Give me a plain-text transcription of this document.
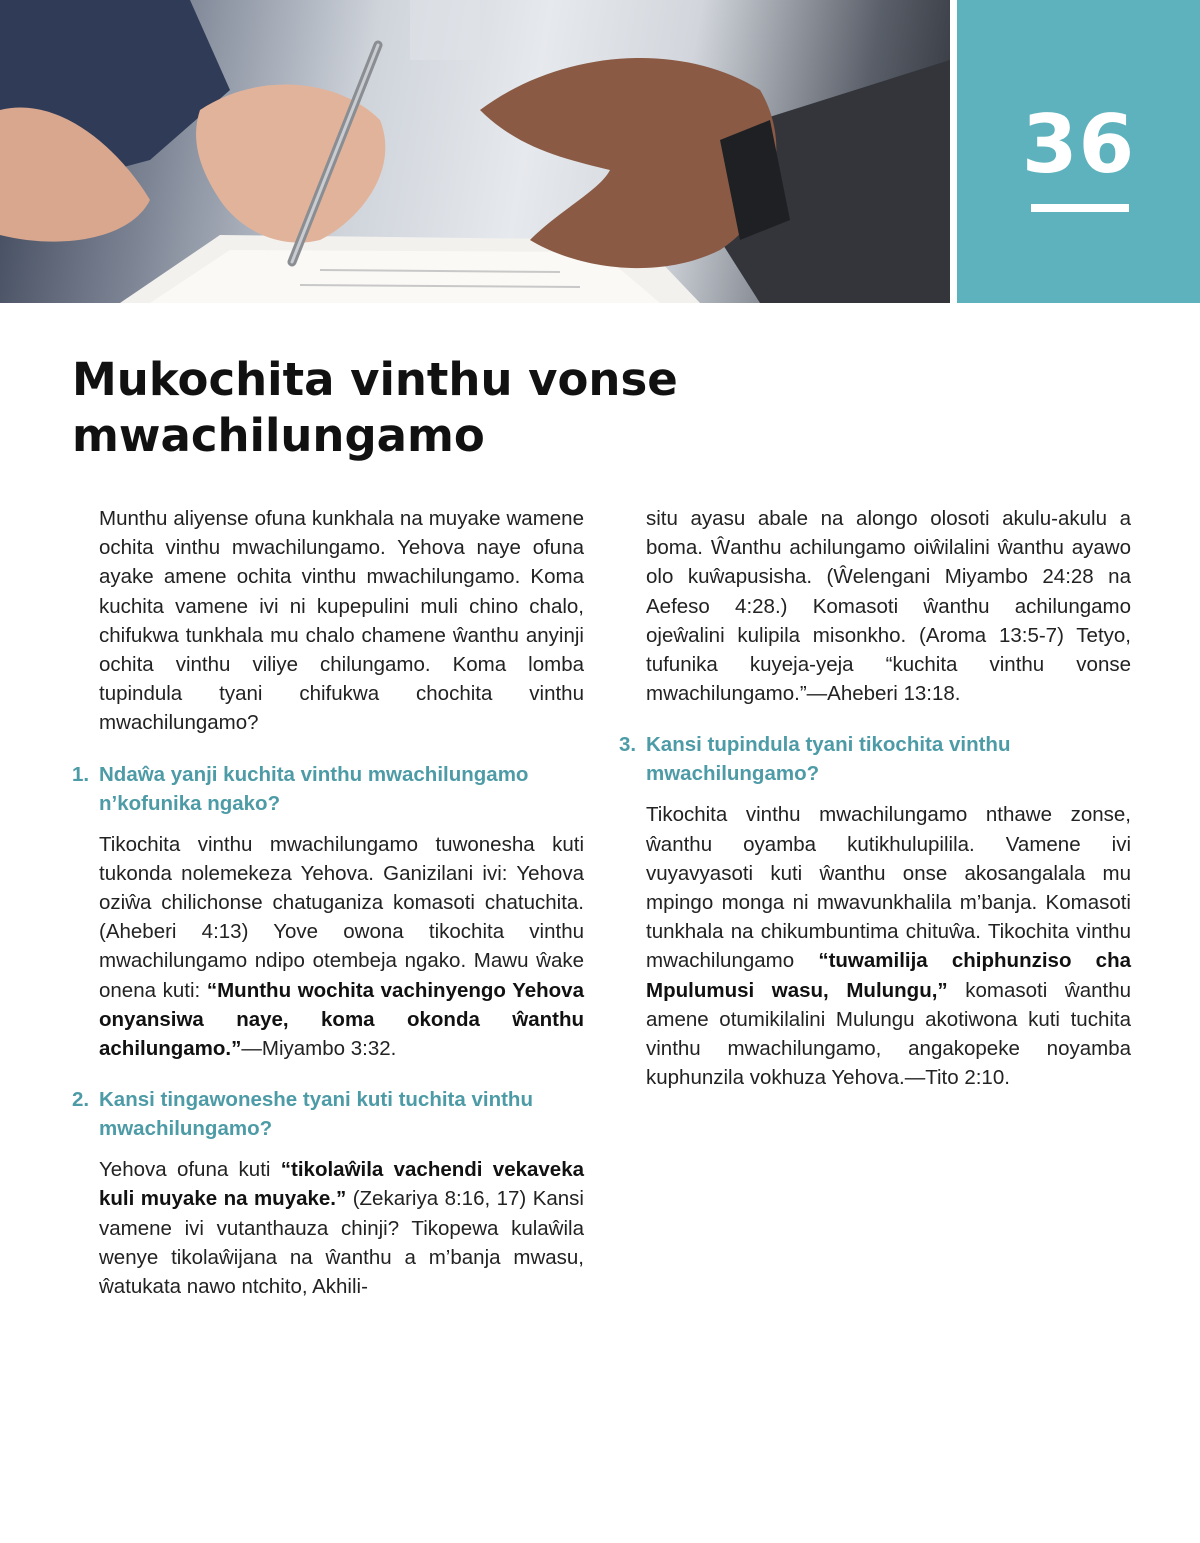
36
Mukochita vinthu vonse mwachilungamo

Munthu aliyense ofuna kunkhala na muyake wamene ochita vinthu mwachilungamo. Yehova naye ofuna ayake amene ochita vinthu mwachilungamo. Koma kuchita vamene ivi ni kupepulini muli chino chalo, chifukwa tunkhala mu chalo chamene ŵanthu anyinji ochita vinthu viliye chilungamo. Koma lomba tupindula tyani chifukwa chochita vinthu mwachilungamo?

1. Ndaŵa yanji kuchita vinthu mwachilungamo n’kofunika ngako?

Tikochita vinthu mwachilungamo tuwonesha kuti tukonda nolemekeza Yehova. Ganizilani ivi: Yehova oziŵa chilichonse chatuganiza komasoti chatuchita. (Aheberi 4:13) Yove owona tikochita vinthu mwachilungamo ndipo otembeja ngako. Mawu ŵake onena kuti: “Munthu wochita vachinyengo Yehova onyansiwa naye, koma okonda ŵanthu achilungamo.”—Miyambo 3:32.

2. Kansi tingawoneshe tyani kuti tuchita vinthu mwachilungamo?

Yehova ofuna kuti “tikolaŵila vachendi vekaveka kuli muyake na muyake.” (Zekariya 8:16, 17) Kansi vamene ivi vutanthauza chinji? Tikopewa kulaŵila wenye tikolaŵijana na ŵanthu a m’banja mwasu, ŵatukata nawo ntchito, Akhili-

situ ayasu abale na alongo olosoti akulu-akulu a boma. Ŵanthu achilungamo oiŵilalini ŵanthu ayawo olo kuŵapusisha. (Ŵelengani Miyambo 24:28 na Aefeso 4:28.) Komasoti ŵanthu achilungamo ojeŵalini kulipila misonkho. (Aroma 13:5-7) Tetyo, tufunika kuyeja-yeja “kuchita vinthu vonse mwachilungamo.”—Aheberi 13:18.

3. Kansi tupindula tyani tikochita vinthu mwachilungamo?

Tikochita vinthu mwachilungamo nthawe zonse, ŵanthu oyamba kutikhulupilila. Vamene ivi vuyavyasoti kuti ŵanthu onse akosangalala mu mpingo monga ni mwavunkhalila m’banja. Komasoti tunkhala na chikumbuntima chituŵa. Tikochita vinthu mwachilungamo “tuwamilija chiphunziso cha Mpulumusi wasu, Mulungu,” komasoti ŵanthu amene otumikilalini Mulungu akotiwona kuti tuchita vinthu mwachilungamo, angakopeke noyamba kuphunzila vokhuza Yehova.—Tito 2:10.
